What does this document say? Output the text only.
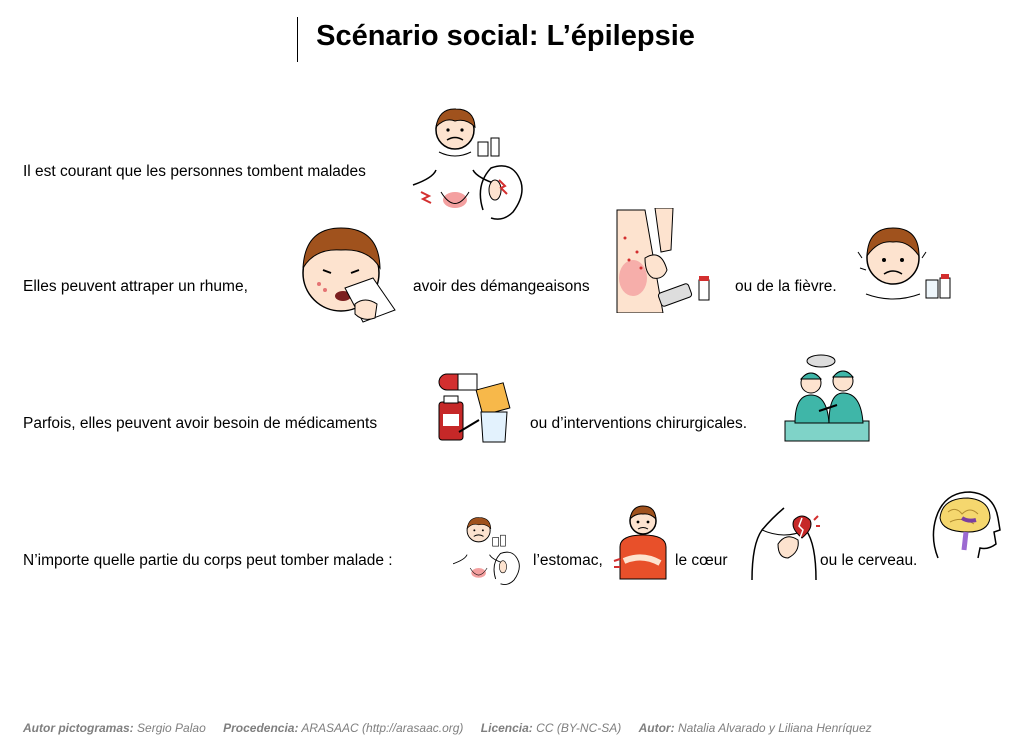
Scénario social: L’épilepsie
Il est courant que les personnes tombent malades
Elles peuvent attraper un rhume,	avoir des démangeaisons	ou de la fièvre.
Parfois, elles peuvent avoir besoin de médicaments	ou d’interventions chirurgicales.
N’importe quelle partie du corps peut tomber malade :	l’estomac,	le cœur	ou le cerveau.
Autor pictogramas: Sergio Palao Procedencia: ARASAAC (http://arasaac.org) Licencia: CC (BY-NC-SA) Autor: Natalia Alvarado y Liliana Henríquez
